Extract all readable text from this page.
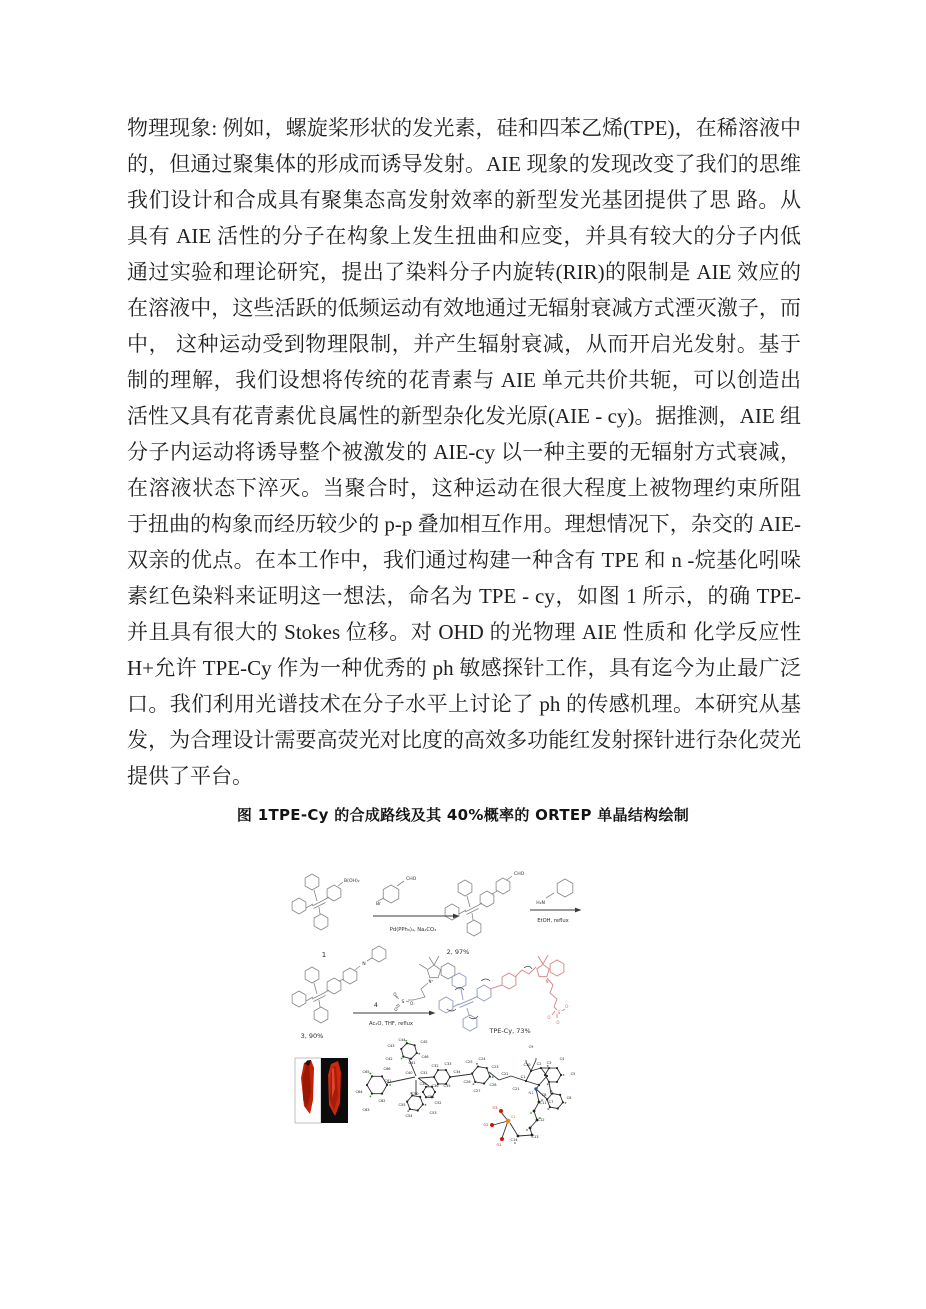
物理现象: 例如，螺旋桨形状的发光素，硅和四苯乙烯(TPE)，在稀溶液中
的，但通过聚集体的形成而诱导发射。AIE 现象的发现改变了我们的思维
我们设计和合成具有聚集态高发射效率的新型发光基团提供了思 路。从
具有 AIE 活性的分子在构象上发生扭曲和应变，并具有较大的分子内低
通过实验和理论研究，提出了染料分子内旋转(RIR)的限制是 AIE 效应的
在溶液中，这些活跃的低频运动有效地通过无辐射衰减方式湮灭激子，而
中， 这种运动受到物理限制，并产生辐射衰减，从而开启光发射。基于
制的理解，我们设想将传统的花青素与 AIE 单元共价共轭，可以创造出
活性又具有花青素优良属性的新型杂化发光原(AIE - cy)。据推测，AIE 组
分子内运动将诱导整个被激发的 AIE-cy 以一种主要的无辐射方式衰减，
在溶液状态下淬灭。当聚合时，这种运动在很大程度上被物理约束所阻
于扭曲的构象而经历较少的 p-p 叠加相互作用。理想情况下，杂交的 AIE-
双亲的优点。在本工作中，我们通过构建一种含有 TPE 和 n -烷基化吲哚
素红色染料来证明这一想法，命名为 TPE - cy，如图 1 所示，的确 TPE-
并且具有很大的 Stokes 位移。对 OHD 的光物理 AIE 性质和 化学反应性
H+允许 TPE-Cy 作为一种优秀的 ph 敏感探针工作，具有迄今为止最广泛
口。我们利用光谱技术在分子水平上讨论了 ph 的传感机理。本研究从基
发，为合理设计需要高荧光对比度的高效多功能红发射探针进行杂化荧光
提供了平台。
图 1TPE-Cy 的合成路线及其 40%概率的 ORTEP 单晶结构绘制
C44
C43
C45
C42	C46
C41
C66
C65
C61
C40 C31
C64
C62
C63
C30 C36
C50
C51
C55	C52
C53
C54
C32 C33
C34
C35
C25
C24
C23
C26
C27
C28
C22
C21
C1
C10 C2 C3
C4
C5
C9
N1 C8
C7
C6
C11
C12
C13
C14
S1
O3
O2
O1
B(OH)₂
Br
CHO
Pd(PPh₃)₄, Na₂CO₃
1	2, 97%
CHO
H₂N
EtOH, reflux
N
3, 90%
4
Ac₂O, THF, reflux
N⁺
S
O
O
O⁻
TPE-Cy, 73%
N⁺
S
O
O
O⁻
